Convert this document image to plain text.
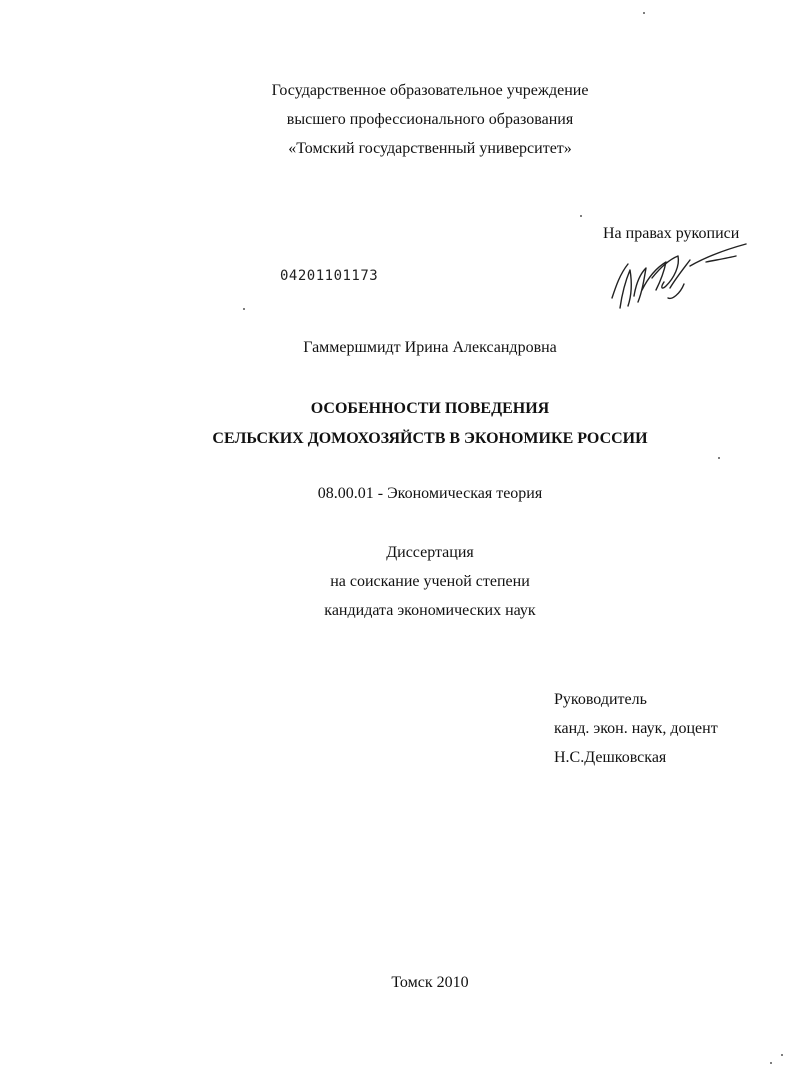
Государственное образовательное учреждение
высшего профессионального образования
«Томский государственный университет»
На правах рукописи
04201101173
Гаммершмидт Ирина Александровна
ОСОБЕННОСТИ ПОВЕДЕНИЯ
СЕЛЬСКИХ ДОМОХОЗЯЙСТВ В ЭКОНОМИКЕ РОССИИ
08.00.01 - Экономическая теория
Диссертация
на соискание ученой степени
кандидата экономических наук
Руководитель
канд. экон. наук, доцент
Н.С.Дешковская
Томск 2010
